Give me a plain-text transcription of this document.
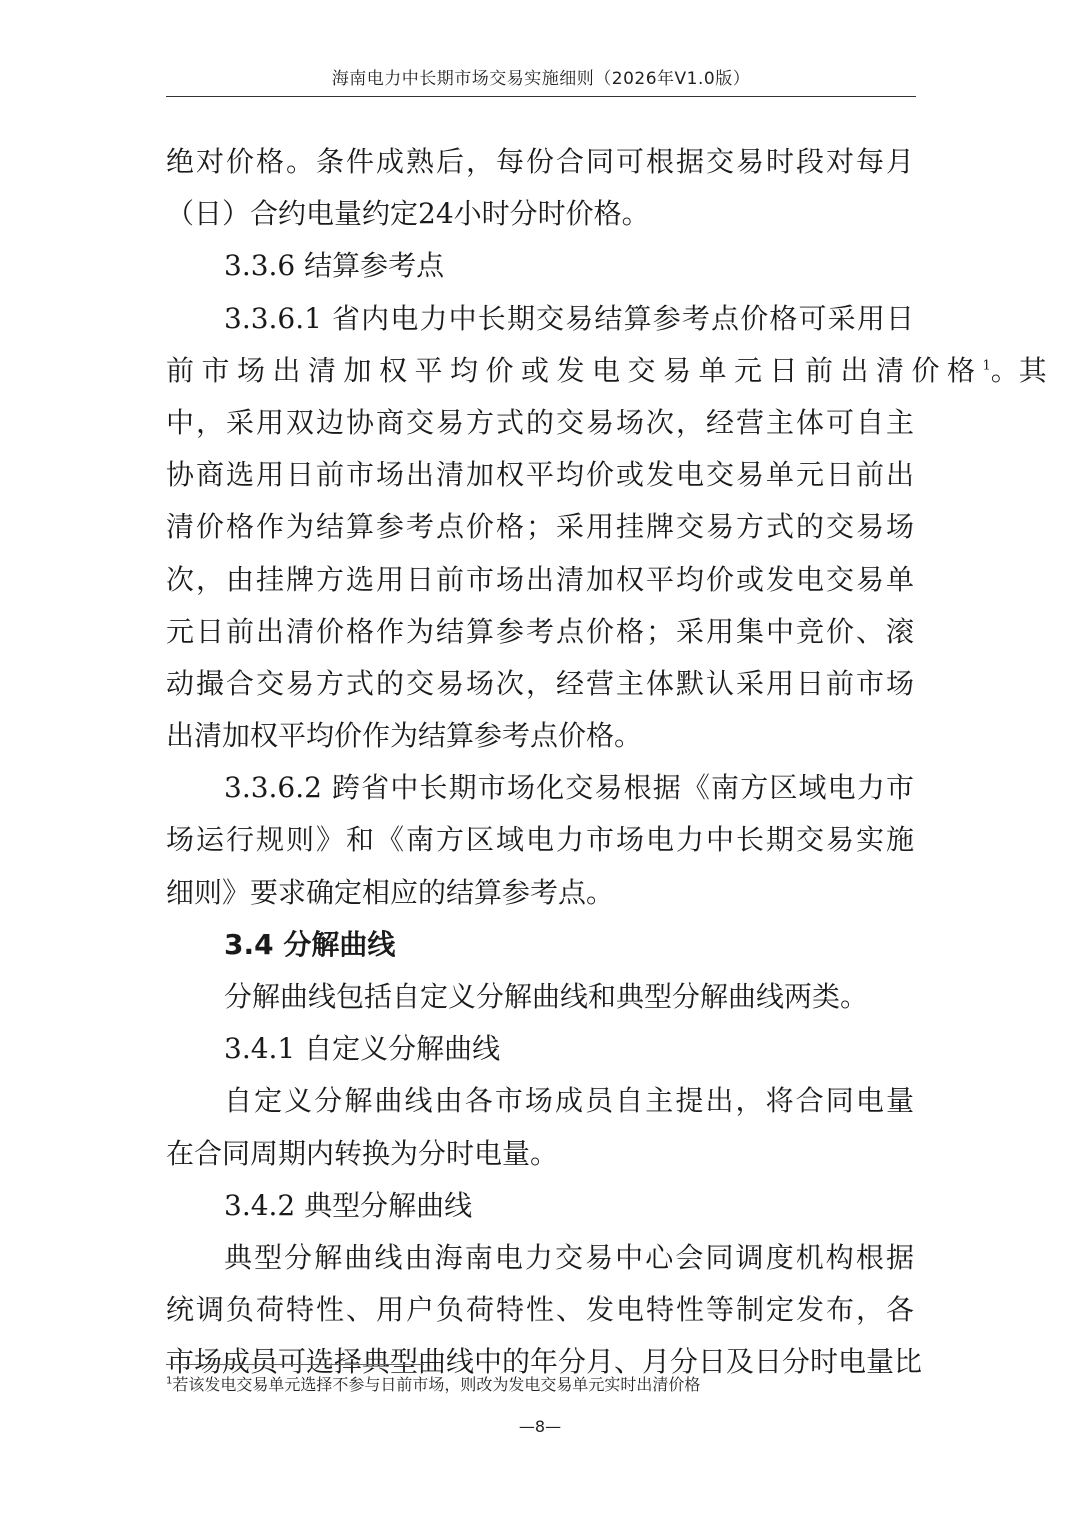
海南电力中长期市场交易实施细则（2026年V1.0版）
绝对价格。条件成熟后，每份合同可根据交易时段对每月
（日）合约电量约定24小时分时价格。
3.3.6 结算参考点
3.3.6.1 省内电力中长期交易结算参考点价格可采用日
前市场出清加权平均价或发电交易单元日前出清价格 $^1$。其
中，采用双边协商交易方式的交易场次，经营主体可自主
协商选用日前市场出清加权平均价或发电交易单元日前出
清价格作为结算参考点价格；采用挂牌交易方式的交易场
次，由挂牌方选用日前市场出清加权平均价或发电交易单
元日前出清价格作为结算参考点价格；采用集中竞价、滚
动撮合交易方式的交易场次，经营主体默认采用日前市场
出清加权平均价作为结算参考点价格。
3.3.6.2 跨省中长期市场化交易根据《南方区域电力市
场运行规则》和《南方区域电力市场电力中长期交易实施
细则》要求确定相应的结算参考点。
3.4 分解曲线
分解曲线包括自定义分解曲线和典型分解曲线两类。
3.4.1 自定义分解曲线
自定义分解曲线由各市场成员自主提出，将合同电量
在合同周期内转换为分时电量。
3.4.2 典型分解曲线
典型分解曲线由海南电力交易中心会同调度机构根据
统调负荷特性、用户负荷特性、发电特性等制定发布，各
市场成员可选择典型曲线中的年分月、月分日及日分时电量比
$^1$若该发电交易单元选择不参与日前市场，则改为发电交易单元实时出清价格
—8—
